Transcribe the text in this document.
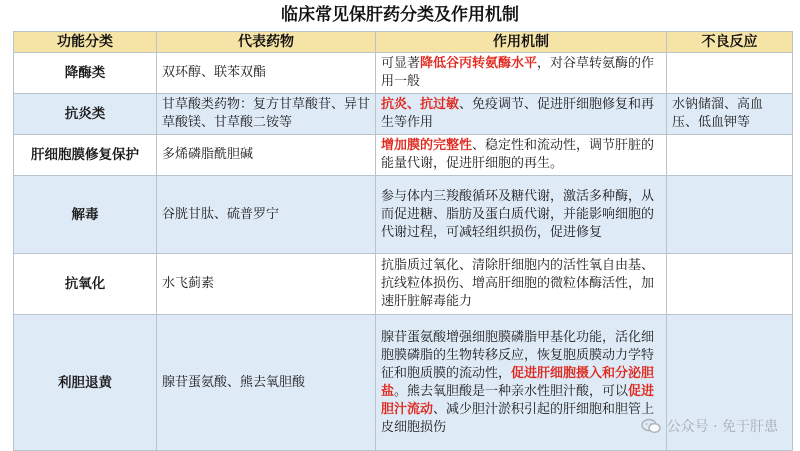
临床常见保肝药分类及作用机制
功能分类	代表药物	作用机制	不良反应
降酶类	双环醇、联苯双酯	可显著降低谷丙转氨酶水平，对谷草转氨酶的作用一般	
抗炎类	甘草酸类药物：复方甘草酸苷、异甘草酸镁、甘草酸二铵等	抗炎、抗过敏、免疫调节、促进肝细胞修复和再生等作用	水钠储溜、高血压、低血钾等
肝细胞膜修复保护	多烯磷脂酰胆碱	增加膜的完整性、稳定性和流动性，调节肝脏的能量代谢，促进肝细胞的再生。	
解毒	谷胱甘肽、硫普罗宁	参与体内三羧酸循环及糖代谢，激活多种酶，从而促进糖、脂肪及蛋白质代谢，并能影响细胞的代谢过程，可减轻组织损伤，促进修复	
抗氧化	水飞蓟素	抗脂质过氧化、清除肝细胞内的活性氧自由基、抗线粒体损伤、增高肝细胞的微粒体酶活性，加速肝脏解毒能力	
利胆退黄	腺苷蛋氨酸、熊去氧胆酸	腺苷蛋氨酸增强细胞膜磷脂甲基化功能，活化细胞膜磷脂的生物转移反应，恢复胞质膜动力学特征和胞质膜的流动性，促进肝细胞摄入和分泌胆盐。熊去氧胆酸是一种亲水性胆汁酸，可以促进胆汁流动、减少胆汁淤积引起的肝细胞和胆管上皮细胞损伤		公众号 · 免于肝患
